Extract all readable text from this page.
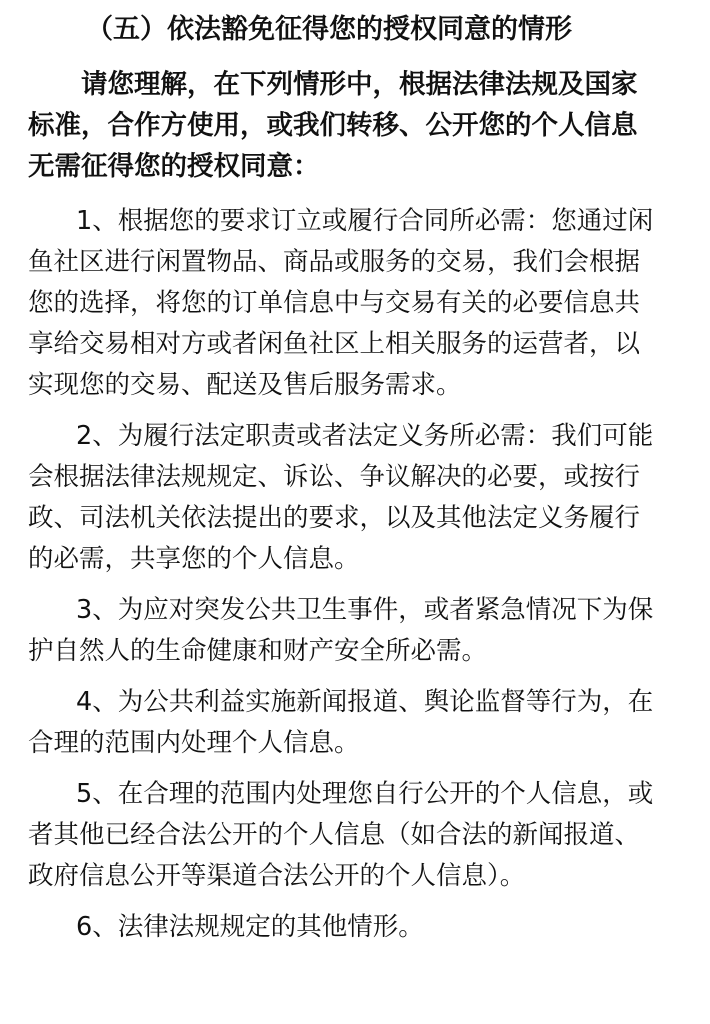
（五）依法豁免征得您的授权同意的情形

请您理解，在下列情形中，根据法律法规及国家标准，合作方使用，或我们转移、公开您的个人信息无需征得您的授权同意：

1、根据您的要求订立或履行合同所必需：您通过闲鱼社区进行闲置物品、商品或服务的交易，我们会根据您的选择，将您的订单信息中与交易有关的必要信息共享给交易相对方或者闲鱼社区上相关服务的运营者，以实现您的交易、配送及售后服务需求。

2、为履行法定职责或者法定义务所必需：我们可能会根据法律法规规定、诉讼、争议解决的必要，或按行政、司法机关依法提出的要求，以及其他法定义务履行的必需，共享您的个人信息。

3、为应对突发公共卫生事件，或者紧急情况下为保护自然人的生命健康和财产安全所必需。

4、为公共利益实施新闻报道、舆论监督等行为，在合理的范围内处理个人信息。

5、在合理的范围内处理您自行公开的个人信息，或者其他已经合法公开的个人信息（如合法的新闻报道、政府信息公开等渠道合法公开的个人信息）。

6、法律法规规定的其他情形。
